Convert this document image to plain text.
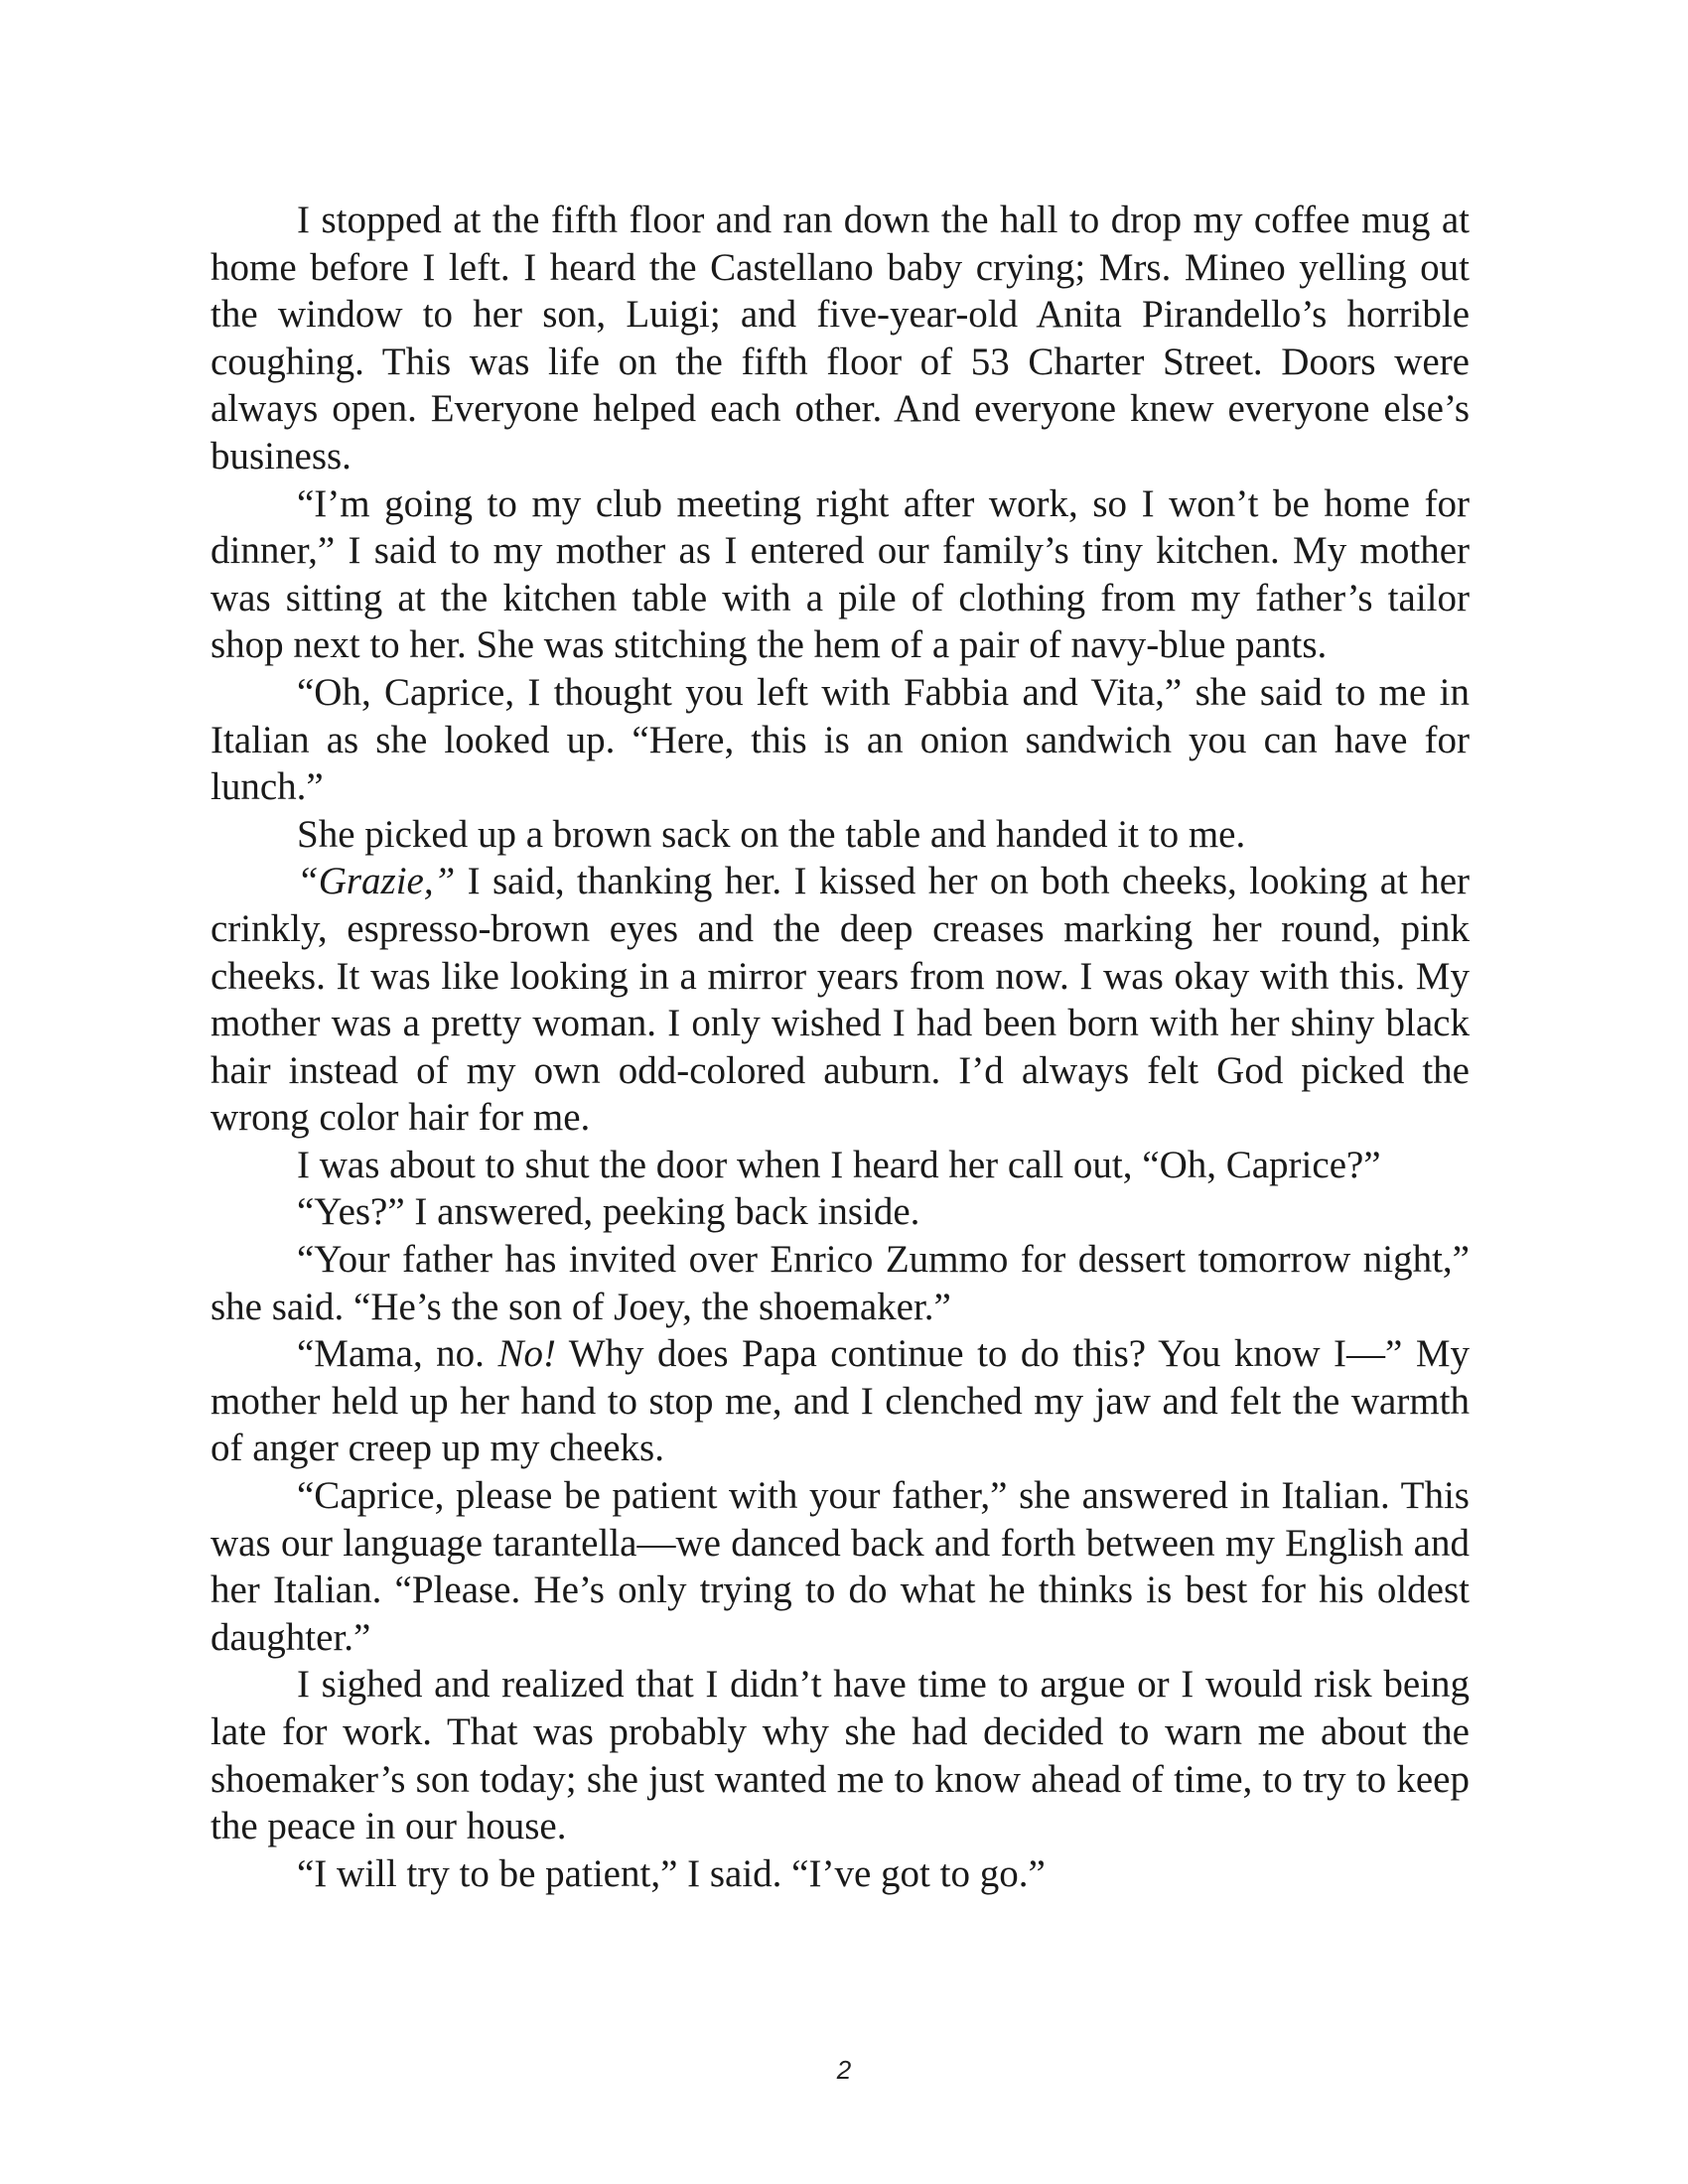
I stopped at the fifth floor and ran down the hall to drop my coffee mug at home before I left. I heard the Castellano baby crying; Mrs. Mineo yelling out the window to her son, Luigi; and five-year-old Anita Pirandello’s horrible coughing. This was life on the fifth floor of 53 Charter Street. Doors were always open. Everyone helped each other. And everyone knew everyone else’s business.

“I’m going to my club meeting right after work, so I won’t be home for dinner,” I said to my mother as I entered our family’s tiny kitchen. My mother was sitting at the kitchen table with a pile of clothing from my father’s tailor shop next to her. She was stitching the hem of a pair of navy-blue pants.

“Oh, Caprice, I thought you left with Fabbia and Vita,” she said to me in Italian as she looked up. “Here, this is an onion sandwich you can have for lunch.”

She picked up a brown sack on the table and handed it to me.

“Grazie,” I said, thanking her. I kissed her on both cheeks, looking at her crinkly, espresso-brown eyes and the deep creases marking her round, pink cheeks. It was like looking in a mirror years from now. I was okay with this. My mother was a pretty woman. I only wished I had been born with her shiny black hair instead of my own odd-colored auburn. I’d always felt God picked the wrong color hair for me.

I was about to shut the door when I heard her call out, “Oh, Caprice?”

“Yes?” I answered, peeking back inside.

“Your father has invited over Enrico Zummo for dessert tomorrow night,” she said. “He’s the son of Joey, the shoemaker.”

“Mama, no. No! Why does Papa continue to do this? You know I—” My mother held up her hand to stop me, and I clenched my jaw and felt the warmth of anger creep up my cheeks.

“Caprice, please be patient with your father,” she answered in Italian. This was our language tarantella—we danced back and forth between my English and her Italian. “Please. He’s only trying to do what he thinks is best for his oldest daughter.”

I sighed and realized that I didn’t have time to argue or I would risk being late for work. That was probably why she had decided to warn me about the shoemaker’s son today; she just wanted me to know ahead of time, to try to keep the peace in our house.

“I will try to be patient,” I said. “I’ve got to go.”

2
